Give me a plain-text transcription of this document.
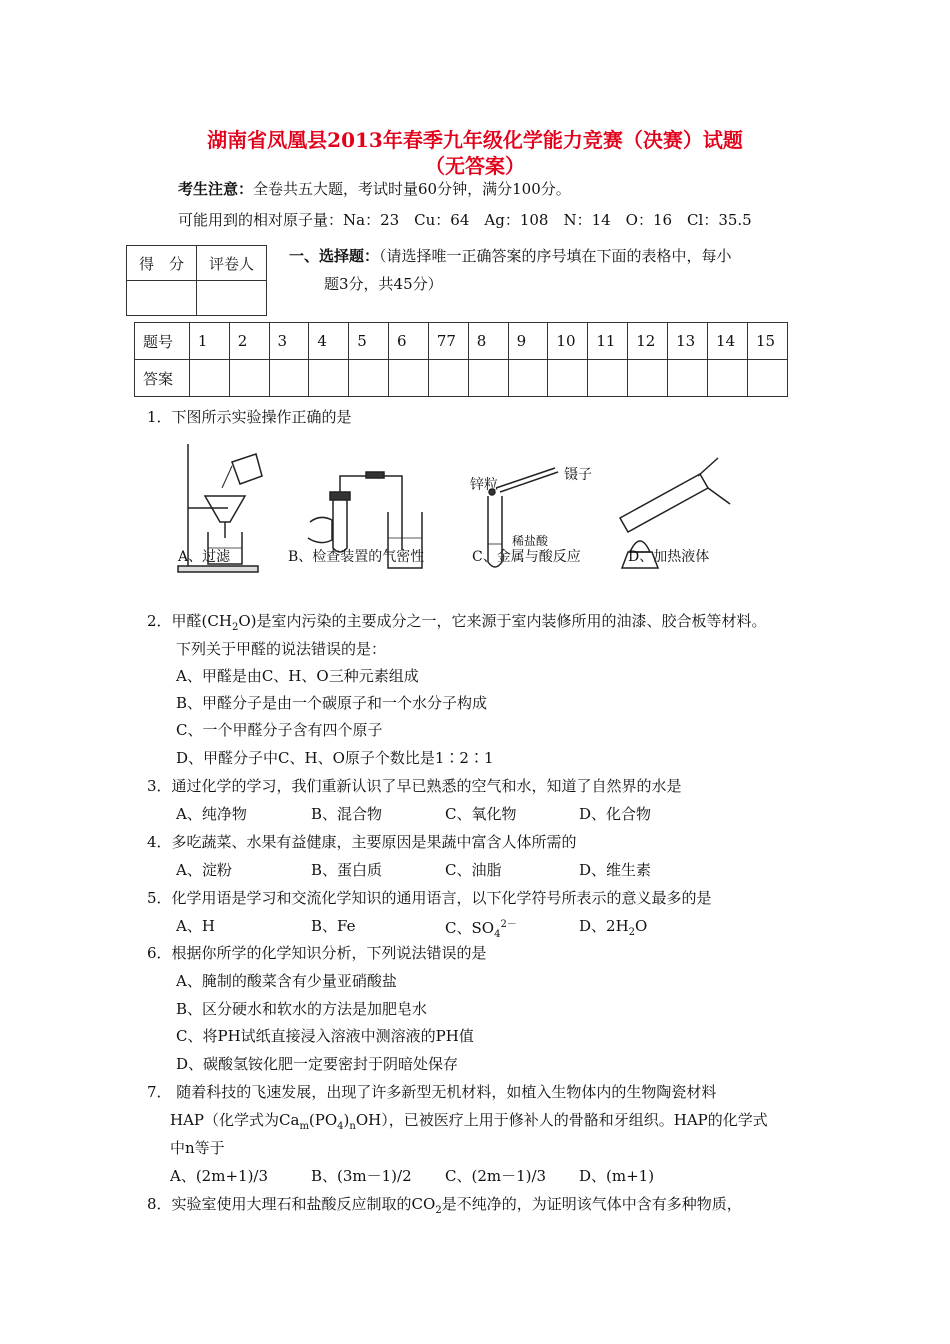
湖南省凤凰县2013年春季九年级化学能力竞赛（决赛）试题
（无答案）
考生注意：全卷共五大题，考试时量60分钟，满分100分。
可能用到的相对原子量：Na：23　Cu：64　Ag：108　N：14　O：16　Cl：35.5
得　分	评卷人
	一、选择题：（请选择唯一正确答案的序号填在下面的表格中，每小
题3分，共45分）
题号	1	2	3	4	5	6	77	8	9	10	11	12	13	14	15
答案															
1．下图所示实验操作正确的是
锌粒
镊子
稀盐酸
A、过滤	B、检查装置的气密性	C、金属与酸反应	D、加热液体
2．甲醛$(CH_2O)$是室内污染的主要成分之一，它来源于室内装修所用的油漆、胶合板等材料。
下列关于甲醛的说法错误的是：
A、甲醛是由C、H、O三种元素组成
B、甲醛分子是由一个碳原子和一个水分子构成
C、一个甲醛分子含有四个原子
D、甲醛分子中C、H、O原子个数比是1∶2∶1
3．通过化学的学习，我们重新认识了早已熟悉的空气和水，知道了自然界的水是
A、纯净物	B、混合物	C、氧化物	D、化合物
4．多吃蔬菜、水果有益健康，主要原因是果蔬中富含人体所需的
A、淀粉	B、蛋白质	C、油脂	D、维生素
5．化学用语是学习和交流化学知识的通用语言，以下化学符号所表示的意义最多的是
A、H	B、Fe	C、$SO_4^{2-}$	D、$2H_2O$
6．根据你所学的化学知识分析，下列说法错误的是
A、腌制的酸菜含有少量亚硝酸盐
B、区分硬水和软水的方法是加肥皂水
C、将PH试纸直接浸入溶液中测溶液的PH值
D、碳酸氢铵化肥一定要密封于阴暗处保存
7． 随着科技的飞速发展，出现了许多新型无机材料，如植入生物体内的生物陶瓷材料
HAP（化学式为$Ca_m(PO_4)_nOH$），已被医疗上用于修补人的骨骼和牙组织。HAP的化学式
中n等于
A、(2m+1)/3	B、(3m－1)/2 C、(2m－1)/3 D、(m+1)
8．实验室使用大理石和盐酸反应制取的$CO_2$是不纯净的，为证明该气体中含有多种物质，
